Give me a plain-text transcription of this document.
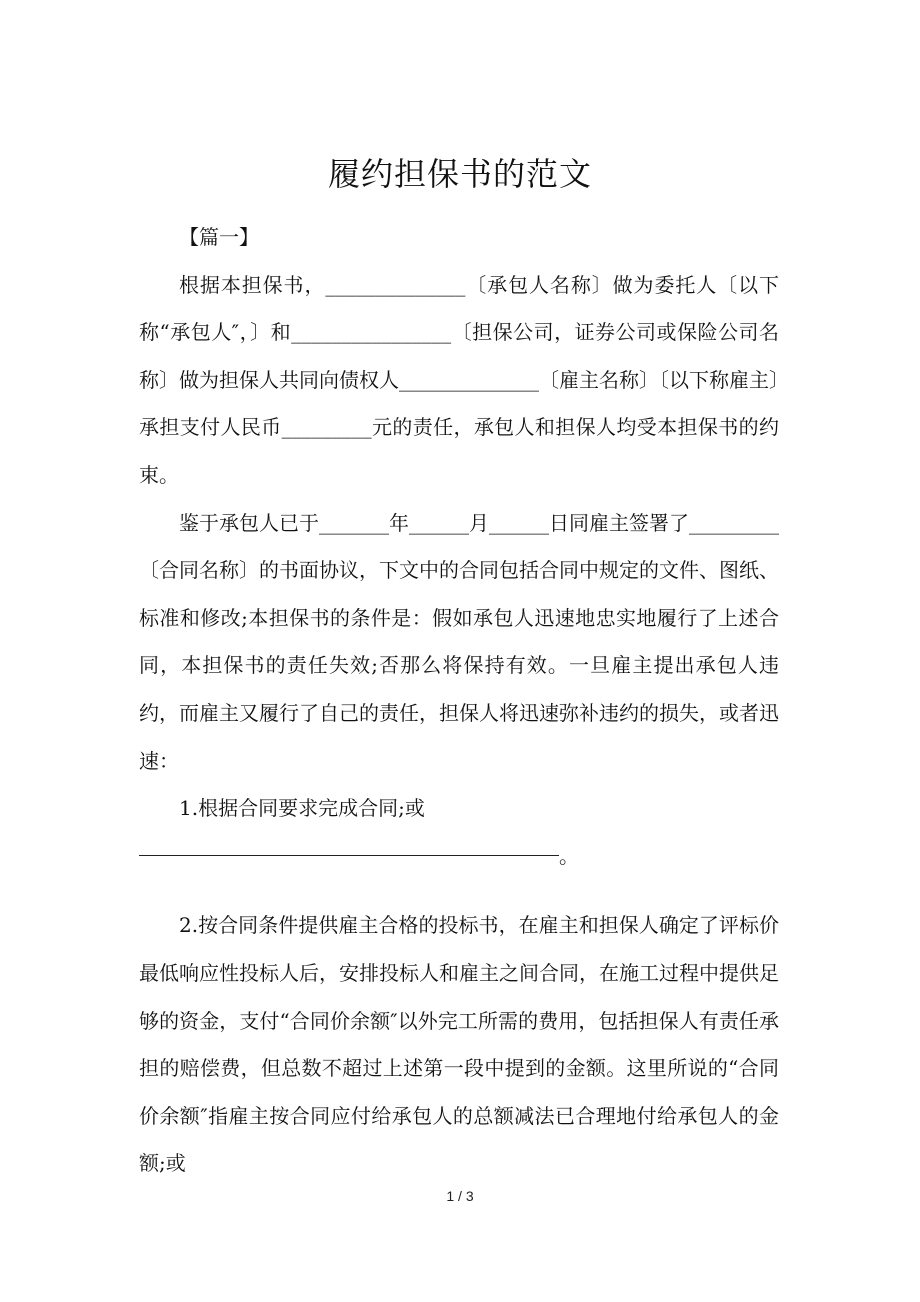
履约担保书的范文

【篇一】

根据本担保书，______________〔承包人名称〕做为委托人〔以下称“承包人″，〕和________________〔担保公司，证券公司或保险公司名称〕做为担保人共同向债权人______________〔雇主名称〕〔以下称雇主〕承担支付人民币_________元的责任，承包人和担保人均受本担保书的约束。

鉴于承包人已于_______年______月______日同雇主签署了_________〔合同名称〕的书面协议，下文中的合同包括合同中规定的文件、图纸、标准和修改;本担保书的条件是：假如承包人迅速地忠实地履行了上述合同，本担保书的责任失效;否那么将保持有效。一旦雇主提出承包人违约，而雇主又履行了自己的责任，担保人将迅速弥补违约的损失，或者迅速：

1.根据合同要求完成合同;或

。

2.按合同条件提供雇主合格的投标书，在雇主和担保人确定了评标价最低响应性投标人后，安排投标人和雇主之间合同，在施工过程中提供足够的资金，支付“合同价余额″以外完工所需的费用，包括担保人有责任承担的赔偿费，但总数不超过上述第一段中提到的金额。这里所说的“合同价余额″指雇主按合同应付给承包人的总额减法已合理地付给承包人的金额;或

1 / 3
